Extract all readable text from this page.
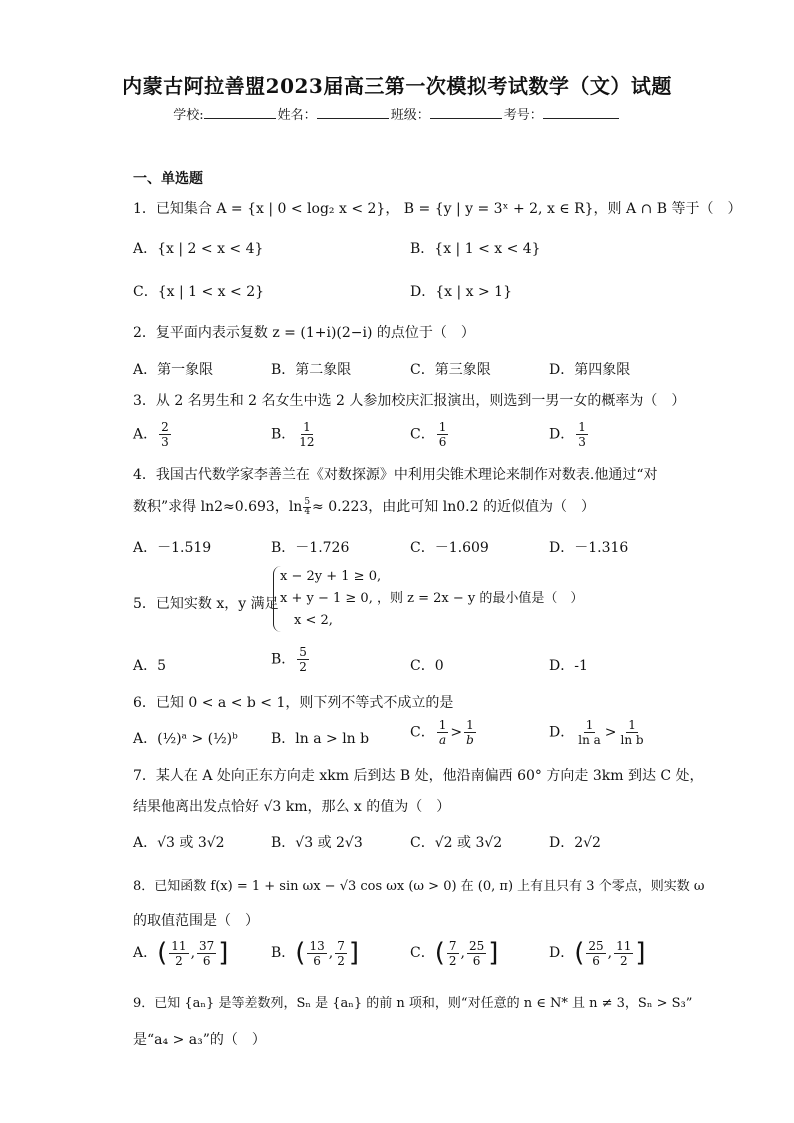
内蒙古阿拉善盟2023届高三第一次模拟考试数学（文）试题
学校:	姓名：	班级：	考号：
一、单选题
1．已知集合 A = {x | 0 < log₂ x < 2}， B = {y | y = 3ˣ + 2, x ∈ R}，则 A ∩ B 等于（　）
A．{x | 2 < x < 4}	B．{x | 1 < x < 4}
C．{x | 1 < x < 2}	D．{x | x > 1}
2．复平面内表示复数 z = (1+i)(2−i) 的点位于（　）
A．第一象限	B．第二象限	C．第三象限	D．第四象限
3．从 2 名男生和 2 名女生中选 2 人参加校庆汇报演出，则选到一男一女的概率为（　）
A． $\frac{2}{3}$	B． $\frac{1}{12}$	C． $\frac{1}{6}$	D． $\frac{1}{3}$
4．我国古代数学家李善兰在《对数探源》中利用尖锥术理论来制作对数表.他通过“对
数积”求得 ln2≈0.693，$\ln \frac{5}{4} \approx 0.223$，由此可知 ln0.2 的近似值为（　）
A．－1.519	B．－1.726	C．－1.609	D．－1.316
5．已知实数 x，y 满足
x − 2y + 1 ≥ 0,
x + y − 1 ≥ 0, ，则 z = 2x − y 的最小值是（　）
x < 2,
A．5	B． $\frac{5}{2}$	C．0	D．-1
6．已知 0 < a < b < 1，则下列不等式不成立的是
A．(½)ᵃ > (½)ᵇ B．ln a > ln b	C． $\frac{1}{a} > \frac{1}{b}$	D． $\frac{1}{\text{ln a}} > \frac{1}{\text{ln b}}$
7．某人在 A 处向正东方向走 xkm 后到达 B 处，他沿南偏西 60° 方向走 3km 到达 C 处，
结果他离出发点恰好 √3 km，那么 x 的值为（　）
A．√3 或 3√2	B．√3 或 2√3	C．√2 或 3√2	D．2√2
8．已知函数 f(x) = 1 + sin ωx − √3 cos ωx (ω > 0) 在 (0, π) 上有且只有 3 个零点，则实数 ω
的取值范围是（　）
A．( $\frac{11}{2}$ , $\frac{37}{6}$ ]	B．( $\frac{13}{6}$ , $\frac{7}{2}$ ]	C．( $\frac{7}{2}$ , $\frac{25}{6}$ ]	D．( $\frac{25}{6}$ , $\frac{11}{2}$ ]
9．已知 {aₙ} 是等差数列，Sₙ 是 {aₙ} 的前 n 项和，则“对任意的 n ∈ N* 且 n ≠ 3，Sₙ > S₃”
是“a₄ > a₃”的（　）
